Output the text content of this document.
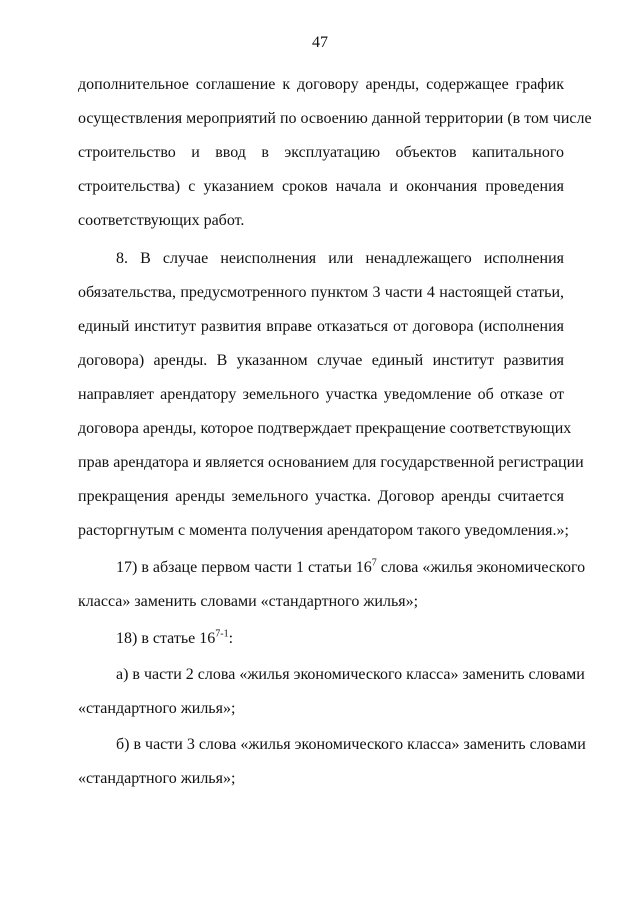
47
дополнительное соглашение к договору аренды, содержащее график
осуществления мероприятий по освоению данной территории (в том числе
строительство и ввод в эксплуатацию объектов капитального
строительства) с указанием сроков начала и окончания проведения
соответствующих работ.
8. В случае неисполнения или ненадлежащего исполнения
обязательства, предусмотренного пунктом 3 части 4 настоящей статьи,
единый институт развития вправе отказаться от договора (исполнения
договора) аренды. В указанном случае единый институт развития
направляет арендатору земельного участка уведомление об отказе от
договора аренды, которое подтверждает прекращение соответствующих
прав арендатора и является основанием для государственной регистрации
прекращения аренды земельного участка. Договор аренды считается
расторгнутым с момента получения арендатором такого уведомления.»;
17) в абзаце первом части 1 статьи $16^7$ слова «жилья экономического
класса» заменить словами «стандартного жилья»;
18) в статье 16$^{7-1}$:
а) в части 2 слова «жилья экономического класса» заменить словами
«стандартного жилья»;
б) в части 3 слова «жилья экономического класса» заменить словами
«стандартного жилья»;
